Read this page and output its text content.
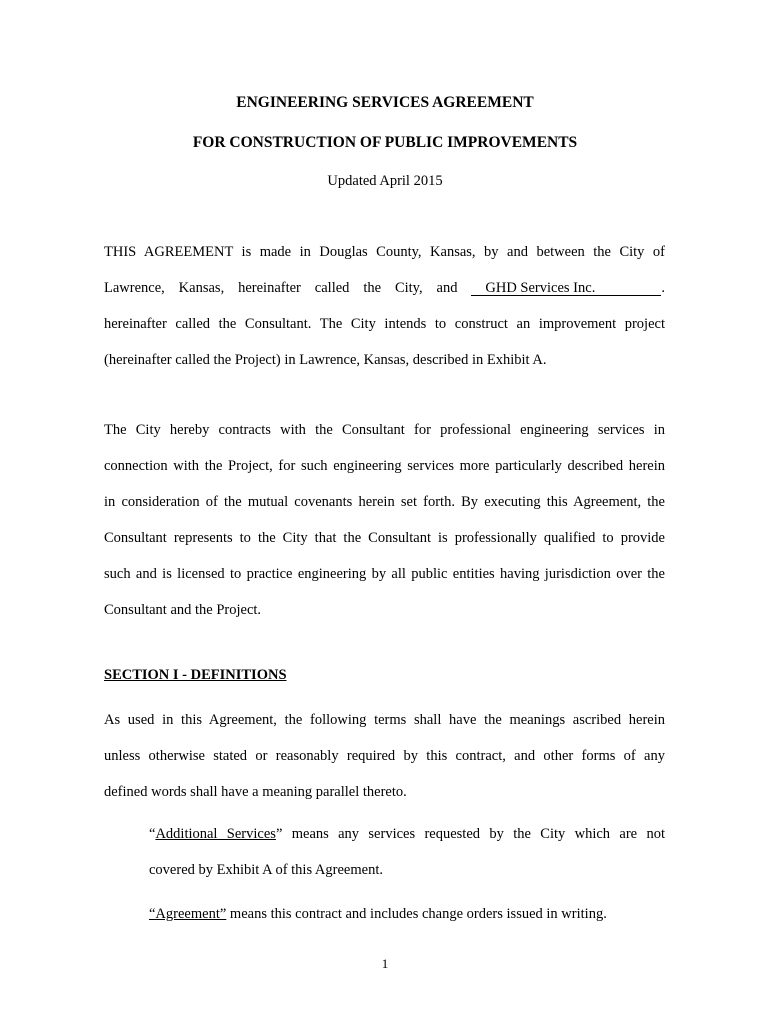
ENGINEERING SERVICES AGREEMENT
FOR CONSTRUCTION OF PUBLIC IMPROVEMENTS
Updated April 2015
THIS AGREEMENT is made in Douglas County, Kansas, by and between the City of
Lawrence, Kansas, hereinafter called the City, and GHD Services Inc.	.
hereinafter called the Consultant. The City intends to construct an improvement project
(hereinafter called the Project) in Lawrence, Kansas, described in Exhibit A.
The City hereby contracts with the Consultant for professional engineering services in
connection with the Project, for such engineering services more particularly described herein
in consideration of the mutual covenants herein set forth. By executing this Agreement, the
Consultant represents to the City that the Consultant is professionally qualified to provide
such and is licensed to practice engineering by all public entities having jurisdiction over the
Consultant and the Project.
SECTION I - DEFINITIONS
As used in this Agreement, the following terms shall have the meanings ascribed herein
unless otherwise stated or reasonably required by this contract, and other forms of any
defined words shall have a meaning parallel thereto.
“Additional Services” means any services requested by the City which are not
covered by Exhibit A of this Agreement.
“Agreement” means this contract and includes change orders issued in writing.
1
